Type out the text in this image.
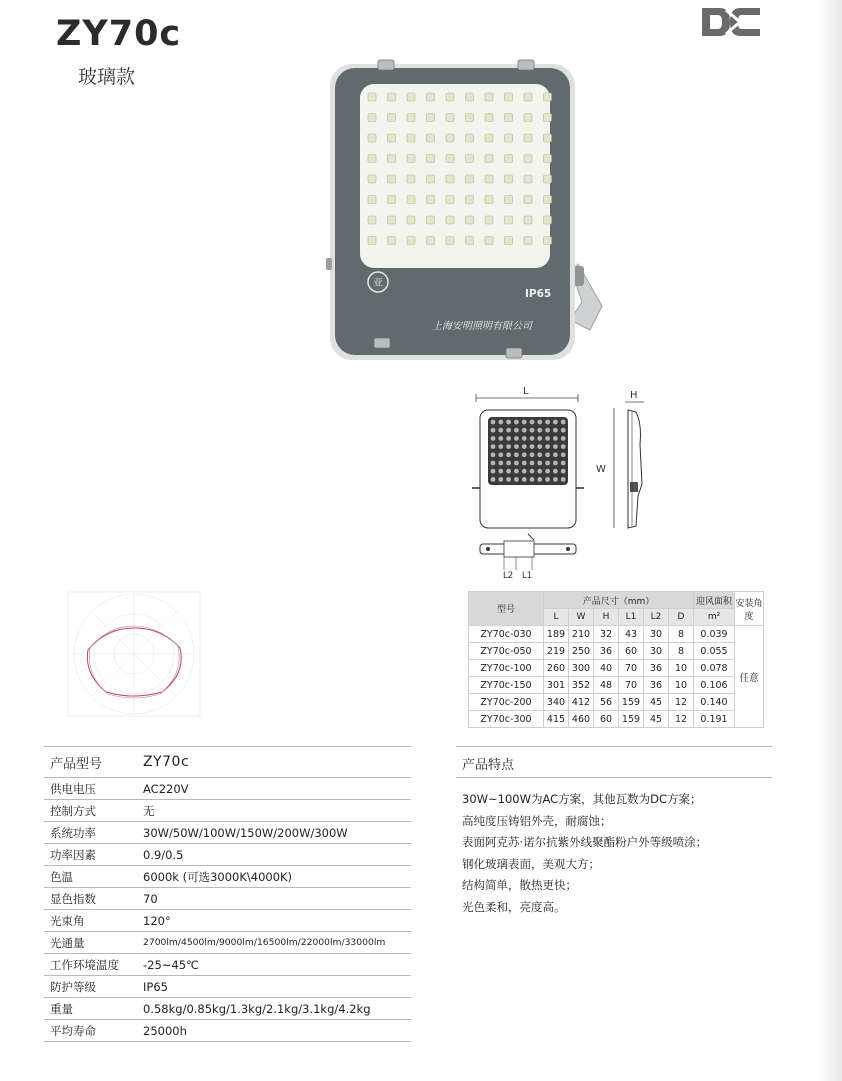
ZY70c
玻璃款
亚
IP65
上海安明照明有限公司
L	H
W
L2 L1
型号	产品尺寸（mm）						迎风面积	安装角度
	L	W	H	L1	L2	D	m²	
ZY70c-030	189	210	32	43	30	8	0.039	任意
ZY70c-050	219	250	36	60	30	8	0.055	
ZY70c-100	260	300	40	70	36	10	0.078	
ZY70c-150	301	352	48	70	36	10	0.106	
ZY70c-200	340	412	56	159	45	12	0.140	
ZY70c-300	415	460	60	159	45	12	0.191	
产品型号	ZY70c
供电电压	AC220V
控制方式	无
系统功率	30W/50W/100W/150W/200W/300W
功率因素	0.9/0.5
色温	6000k (可选3000K\4000K)
显色指数	70
光束角	120°
光通量	2700lm/4500lm/9000lm/16500lm/22000lm/33000lm
工作环境温度 -25~45℃
防护等级	IP65
重量	0.58kg/0.85kg/1.3kg/2.1kg/3.1kg/4.2kg
平均寿命	25000h
产品特点
30W~100W为AC方案，其他瓦数为DC方案；
高纯度压铸铝外壳，耐腐蚀；
表面阿克苏·诺尔抗紫外线聚酯粉户外等级喷涂；
钢化玻璃表面，美观大方；
结构简单，散热更快；
光色柔和，亮度高。
